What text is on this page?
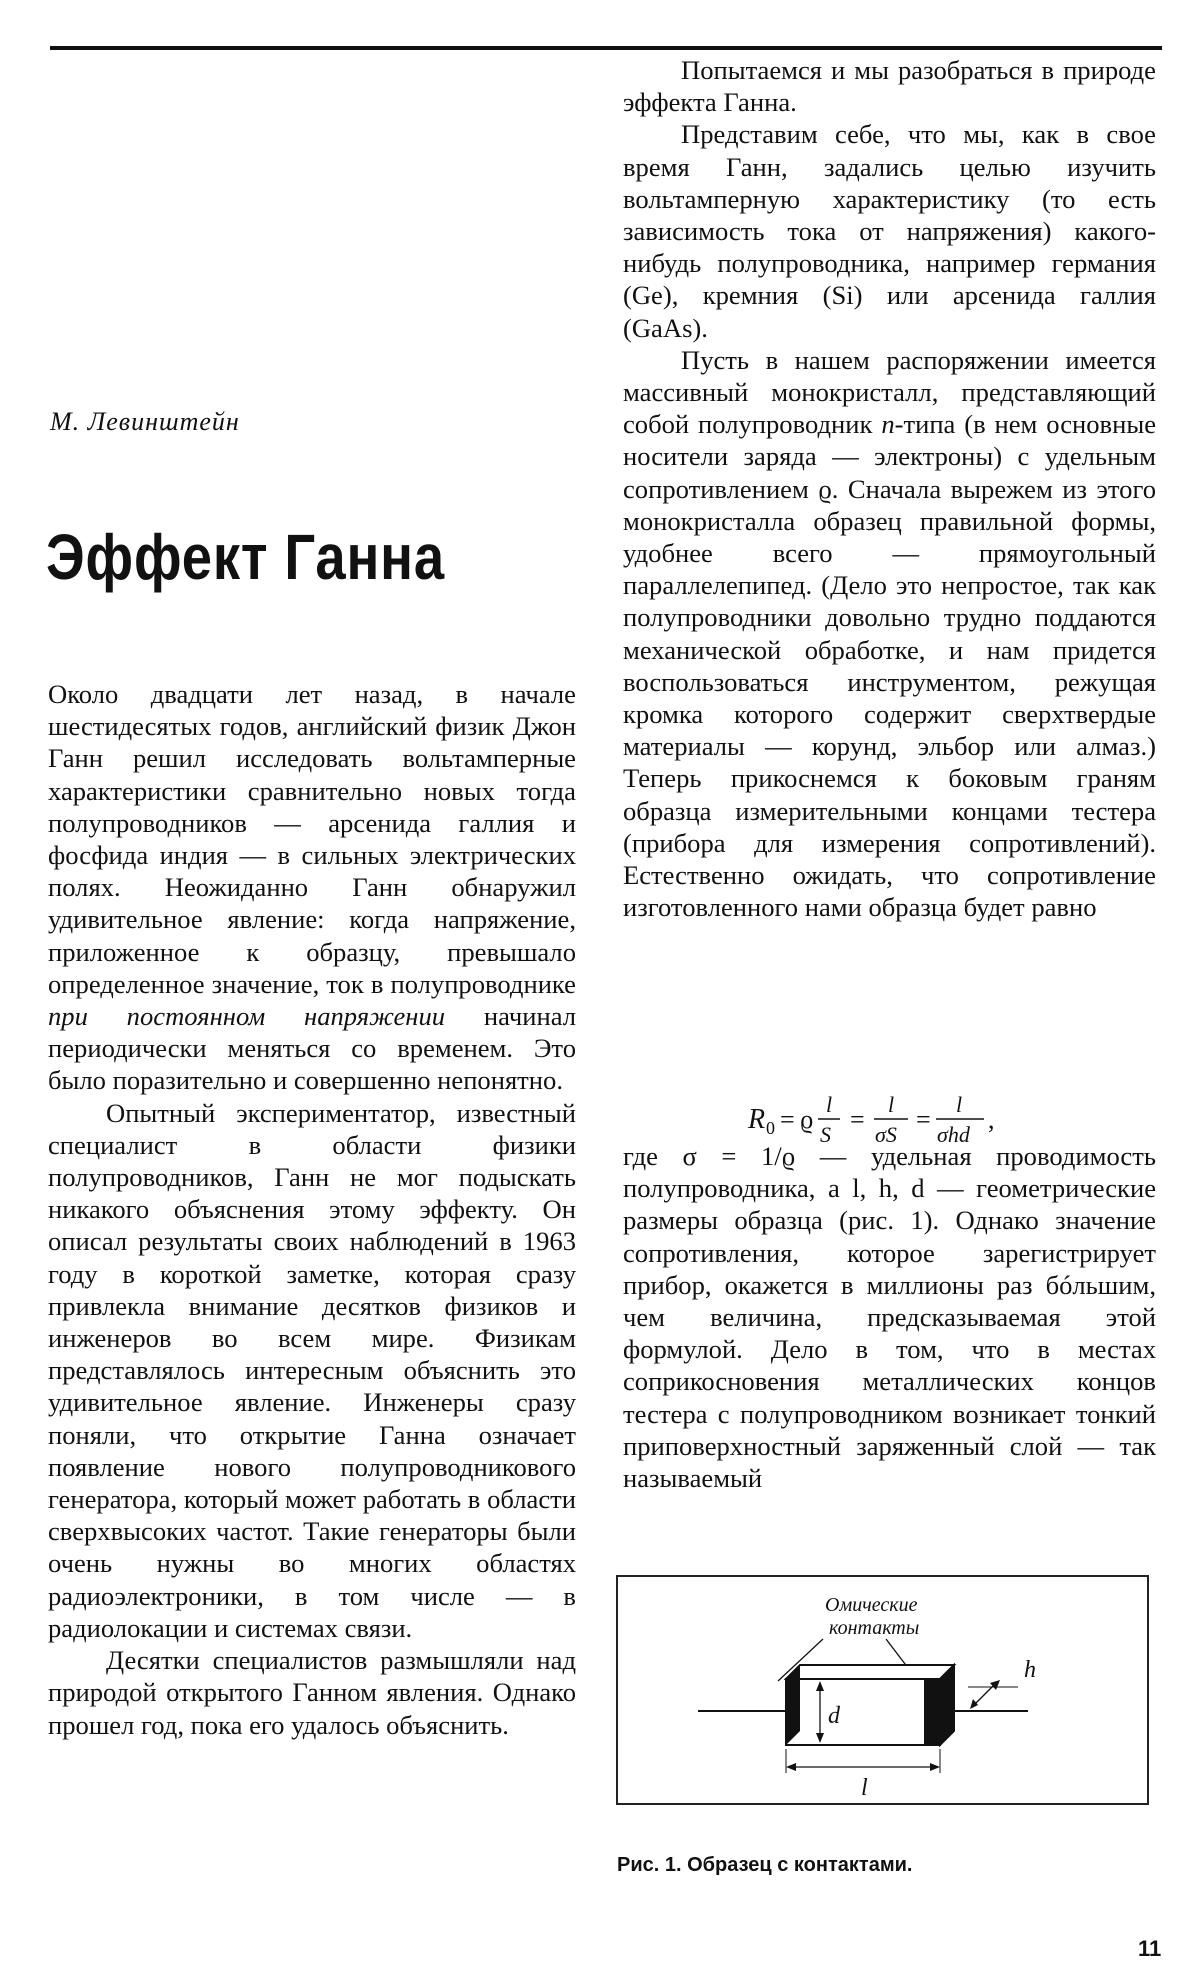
М. Левинштейн
Эффект Ганна

Около двадцати лет назад, в начале шестидесятых годов, английский физик Джон Ганн решил исследовать вольтамперные характеристики сравнительно новых тогда полупроводников — арсенида галлия и фосфида индия — в сильных электрических полях. Неожиданно Ганн обнаружил удивительное явление: когда напряжение, приложенное к образцу, превышало определенное значение, ток в полупроводнике при постоянном напряжении начинал периодически меняться со временем. Это было поразительно и совершенно непонятно.

Опытный экспериментатор, известный специалист в области физики полупроводников, Ганн не мог подыскать никакого объяснения этому эффекту. Он описал результаты своих наблюдений в 1963 году в короткой заметке, которая сразу привлекла внимание десятков физиков и инженеров во всем мире. Физикам представлялось интересным объяснить это удивительное явление. Инженеры сразу поняли, что открытие Ганна означает появление нового полупроводникового генератора, который может работать в области сверхвысоких частот. Такие генераторы были очень нужны во многих областях радиоэлектроники, в том числе — в радиолокации и системах связи.

Десятки специалистов размышляли над природой открытого Ганном явления. Однако прошел год, пока его удалось объяснить.

Попытаемся и мы разобраться в природе эффекта Ганна.

Представим себе, что мы, как в свое время Ганн, задались целью изучить вольтамперную характеристику (то есть зависимость тока от напряжения) какого-нибудь полупроводника, например германия (Ge), кремния (Si) или арсенида галлия (GaAs).

Пусть в нашем распоряжении имеется массивный монокристалл, представляющий собой полупроводник n-типа (в нем основные носители заряда — электроны) с удельным сопротивлением ϱ. Сначала вырежем из этого монокристалла образец правильной формы, удобнее всего — прямоугольный параллелепипед. (Дело это непростое, так как полупроводники довольно трудно поддаются механической обработке, и нам придется воспользоваться инструментом, режущая кромка которого содержит сверхтвердые материалы — корунд, эльбор или алмаз.) Теперь прикоснемся к боковым граням образца измерительными концами тестера (прибора для измерения сопротивлений). Естественно ожидать, что сопротивление изготовленного нами образца будет равно

R 0 = ϱ
l
S
=
l
σS
=
l
σhd
,

где σ = 1/ϱ — удельная проводимость полупроводника, а l, h, d — геометрические размеры образца (рис. 1). Однако значение сопротивления, которое зарегистрирует прибор, окажется в миллионы раз бóльшим, чем величина, предсказываемая этой формулой. Дело в том, что в местах соприкосновения металлических концов тестера с полупроводником возникает тонкий приповерхностный заряженный слой — так называемый

Омические
контакты
h
d
l
Рис. 1. Образец с контактами.
11
